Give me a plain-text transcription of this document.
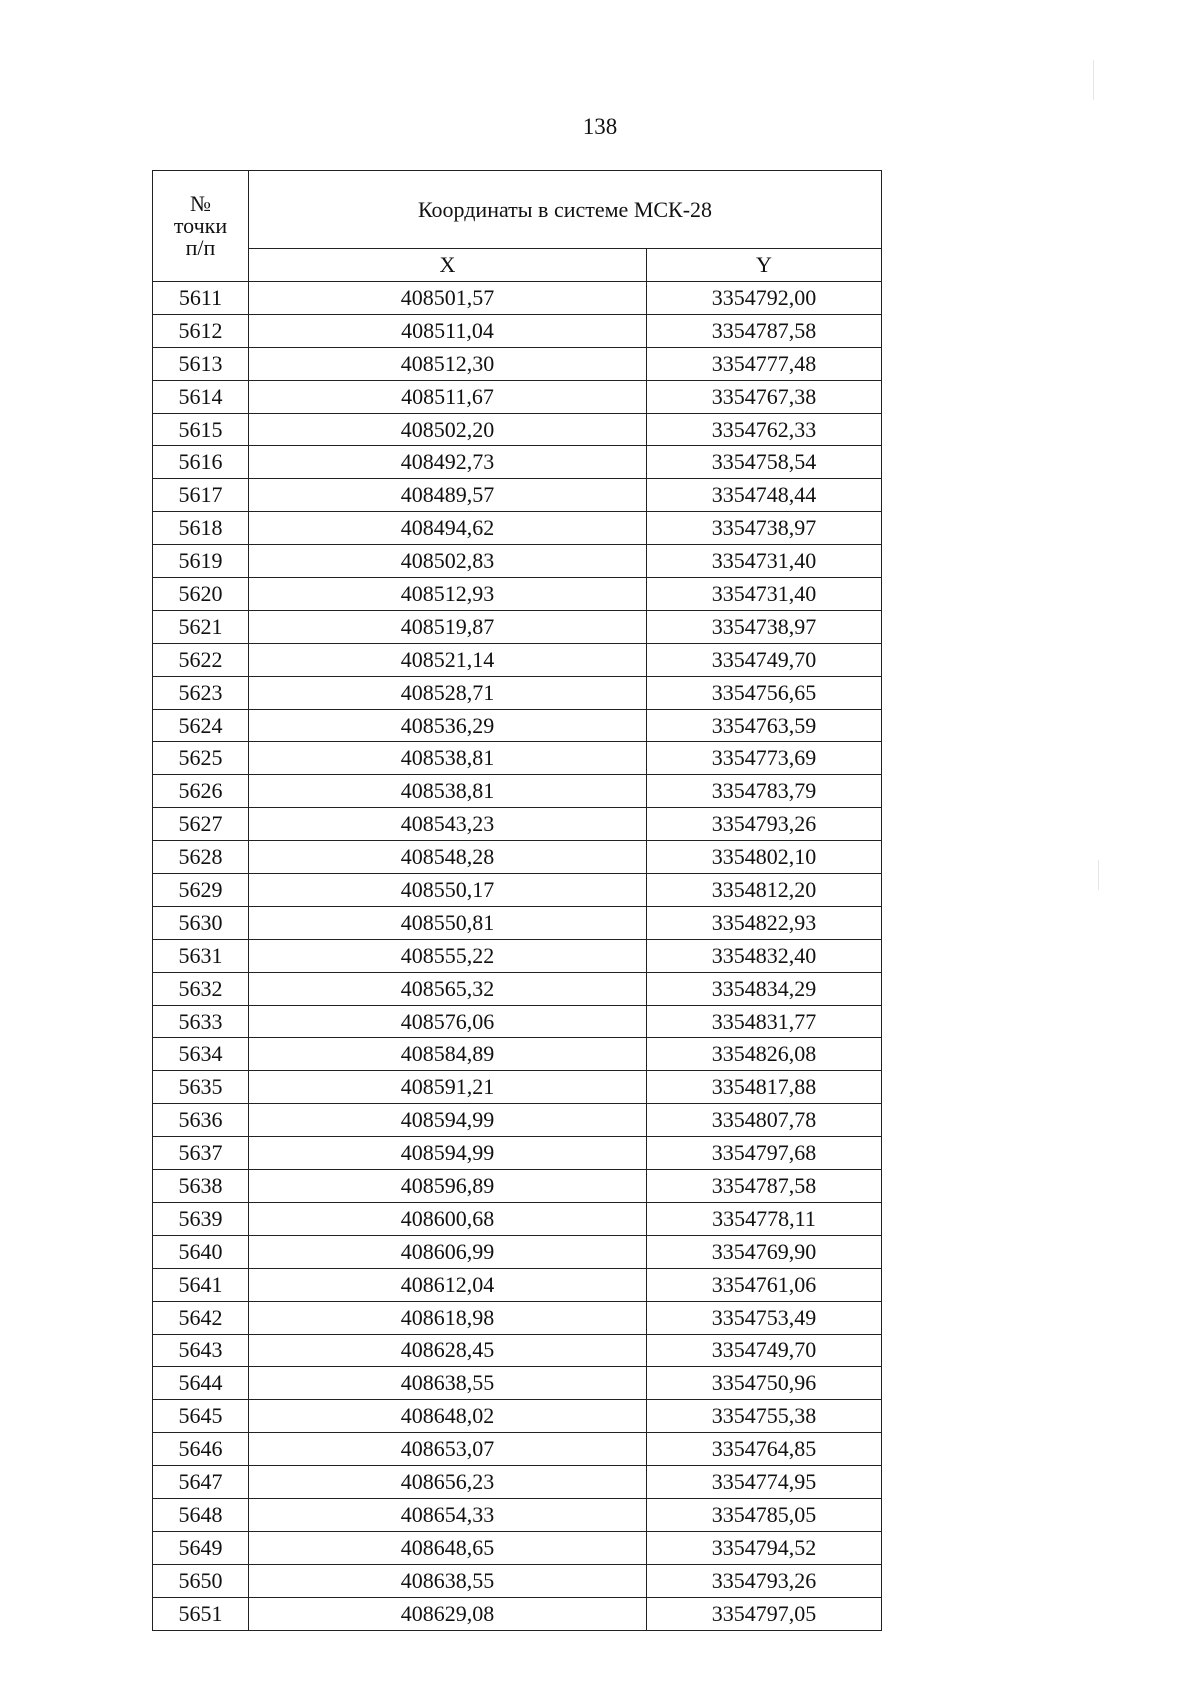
138
№
точки
п/п	Координаты в системе МСК-28	
	X	Y
5611	408501,57	3354792,00
5612	408511,04	3354787,58
5613	408512,30	3354777,48
5614	408511,67	3354767,38
5615	408502,20	3354762,33
5616	408492,73	3354758,54
5617	408489,57	3354748,44
5618	408494,62	3354738,97
5619	408502,83	3354731,40
5620	408512,93	3354731,40
5621	408519,87	3354738,97
5622	408521,14	3354749,70
5623	408528,71	3354756,65
5624	408536,29	3354763,59
5625	408538,81	3354773,69
5626	408538,81	3354783,79
5627	408543,23	3354793,26
5628	408548,28	3354802,10
5629	408550,17	3354812,20
5630	408550,81	3354822,93
5631	408555,22	3354832,40
5632	408565,32	3354834,29
5633	408576,06	3354831,77
5634	408584,89	3354826,08
5635	408591,21	3354817,88
5636	408594,99	3354807,78
5637	408594,99	3354797,68
5638	408596,89	3354787,58
5639	408600,68	3354778,11
5640	408606,99	3354769,90
5641	408612,04	3354761,06
5642	408618,98	3354753,49
5643	408628,45	3354749,70
5644	408638,55	3354750,96
5645	408648,02	3354755,38
5646	408653,07	3354764,85
5647	408656,23	3354774,95
5648	408654,33	3354785,05
5649	408648,65	3354794,52
5650	408638,55	3354793,26
5651	408629,08	3354797,05
